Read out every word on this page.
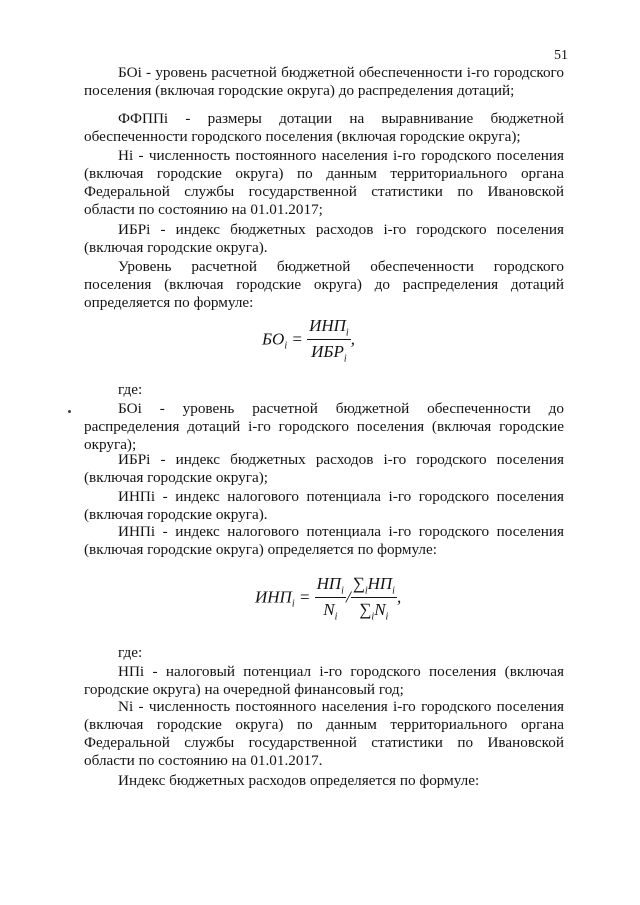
51

БОi - уровень расчетной бюджетной обеспеченности i-го городского поселения (включая городские округа) до распределения дотаций;

ФФППi - размеры дотации на выравнивание бюджетной обеспеченности городского поселения (включая городские округа);

Нi - численность постоянного населения i-го городского поселения (включая городские округа) по данным территориального органа Федеральной службы государственной статистики по Ивановской области по состоянию на 01.01.2017;

ИБРi - индекс бюджетных расходов i-го городского поселения (включая городские округа).

Уровень расчетной бюджетной обеспеченности городского поселения (включая городские округа) до распределения дотаций определяется по формуле:

$БО_i = \frac{ИНП_i}{ИБР_i}$ ,

где:

БОi - уровень расчетной бюджетной обеспеченности до распределения дотаций i-го городского поселения (включая городские округа);

ИБРi - индекс бюджетных расходов i-го городского поселения (включая городские округа);

ИНПi - индекс налогового потенциала i-го городского поселения (включая городские округа).

ИНПi - индекс налогового потенциала i-го городского поселения (включая городские округа) определяется по формуле:

$ИНП_i = \frac{НП_i}{N_i} / \frac{\sum_iНП_i}{\sum_iN_i}$ ,

где:

НПi - налоговый потенциал i-го городского поселения (включая городские округа) на очередной финансовый год;

Ni - численность постоянного населения i-го городского поселения (включая городские округа) по данным территориального органа Федеральной службы государственной статистики по Ивановской области по состоянию на 01.01.2017.

Индекс бюджетных расходов определяется по формуле:
